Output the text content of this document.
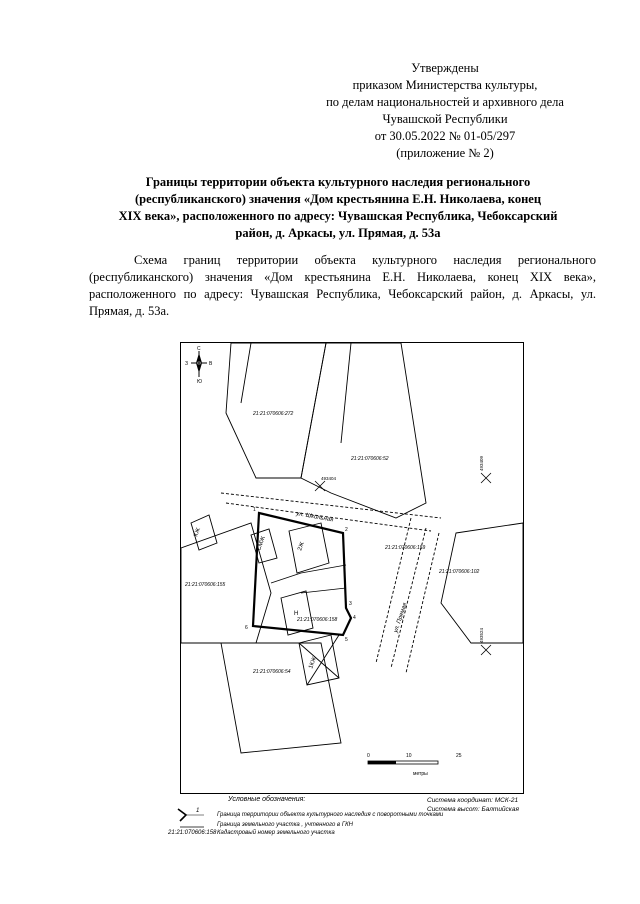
Утверждены
приказом Министерства культуры,
по делам национальностей и архивного дела
Чувашской Республики
от 30.05.2022 № 01-05/297
(приложение № 2)
Границы территории объекта культурного наследия регионального
(республиканского) значения «Дом крестьянина Е.Н. Николаева, конец
XIX века», расположенного по адресу: Чувашская Республика, Чебоксарский
район, д. Аркасы, ул. Прямая, д. 53а
Схема границ территории объекта культурного наследия регионального (республиканского) значения «Дом крестьянина Е.Н. Николаева, конец XIX века», расположенного по адресу: Чувашская Республика, Чебоксарский район, д. Аркасы, ул. Прямая, д. 53а.
С
Ю
З	В
21:21:070606:272
21:21:070606:52
21:21:070606:155
21:21:070606:102
21:21:070606:159
21:21:070606:158
21:21:070606:54
ул. Школьная
ул. Прямая
КЖ
СМЖ	2Ж
Н
1КЖ
1
2
3
4
5
6
493404
493409
493524
0	10	25
метры
Условные обозначения:	Система координат: МСК-21
Система высот: Балтийская
1
Граница территории объекта культурного наследия с поворотными точками
Граница земельного участка , учтенного в ГКН
21:21:070606:158 Кадастровый номер земельного участка
